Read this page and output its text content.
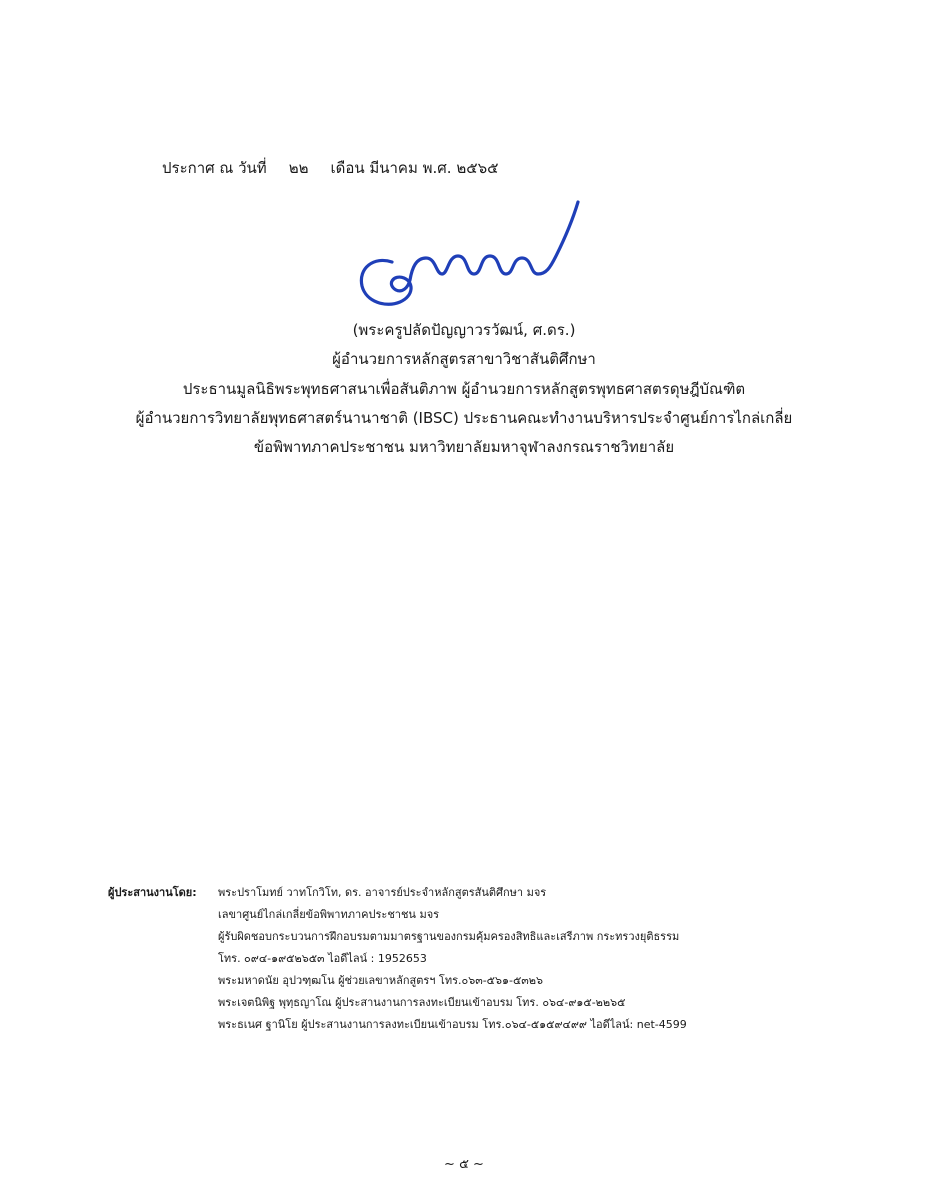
ประกาศ ณ วันที่ ๒๒ เดือน มีนาคม พ.ศ. ๒๕๖๕
(พระครูปลัดปัญญาวรวัฒน์, ศ.ดร.)
ผู้อำนวยการหลักสูตรสาขาวิชาสันติศึกษา
ประธานมูลนิธิพระพุทธศาสนาเพื่อสันติภาพ ผู้อำนวยการหลักสูตรพุทธศาสตรดุษฎีบัณฑิต
ผู้อำนวยการวิทยาลัยพุทธศาสตร์นานาชาติ (IBSC) ประธานคณะทำงานบริหารประจำศูนย์การไกล่เกลี่ย
ข้อพิพาทภาคประชาชน มหาวิทยาลัยมหาจุฬาลงกรณราชวิทยาลัย
ผู้ประสานงานโดย: พระปราโมทย์ วาทโกวิโท, ดร. อาจารย์ประจำหลักสูตรสันติศึกษา มจร
เลขาศูนย์ไกล่เกลี่ยข้อพิพาทภาคประชาชน มจร
ผู้รับผิดชอบกระบวนการฝึกอบรมตามมาตรฐานของกรมคุ้มครองสิทธิและเสรีภาพ กระทรวงยุติธรรม
โทร. ๐๙๔-๑๙๕๒๖๕๓ ไอดีไลน์ : 1952653
พระมหาดนัย อุปวฑฺฒโน ผู้ช่วยเลขาหลักสูตรฯ โทร.๐๖๓-๕๖๑-๕๓๒๖
พระเจตนิพิฐ พุทฺธญาโณ ผู้ประสานงานการลงทะเบียนเข้าอบรม โทร. ๐๖๔-๙๑๕-๒๒๖๕
พระธเนศ ฐานิโย ผู้ประสานงานการลงทะเบียนเข้าอบรม โทร.๐๖๔-๕๑๕๙๔๙๙ ไอดีไลน์: net-4599
~ ๕ ~
